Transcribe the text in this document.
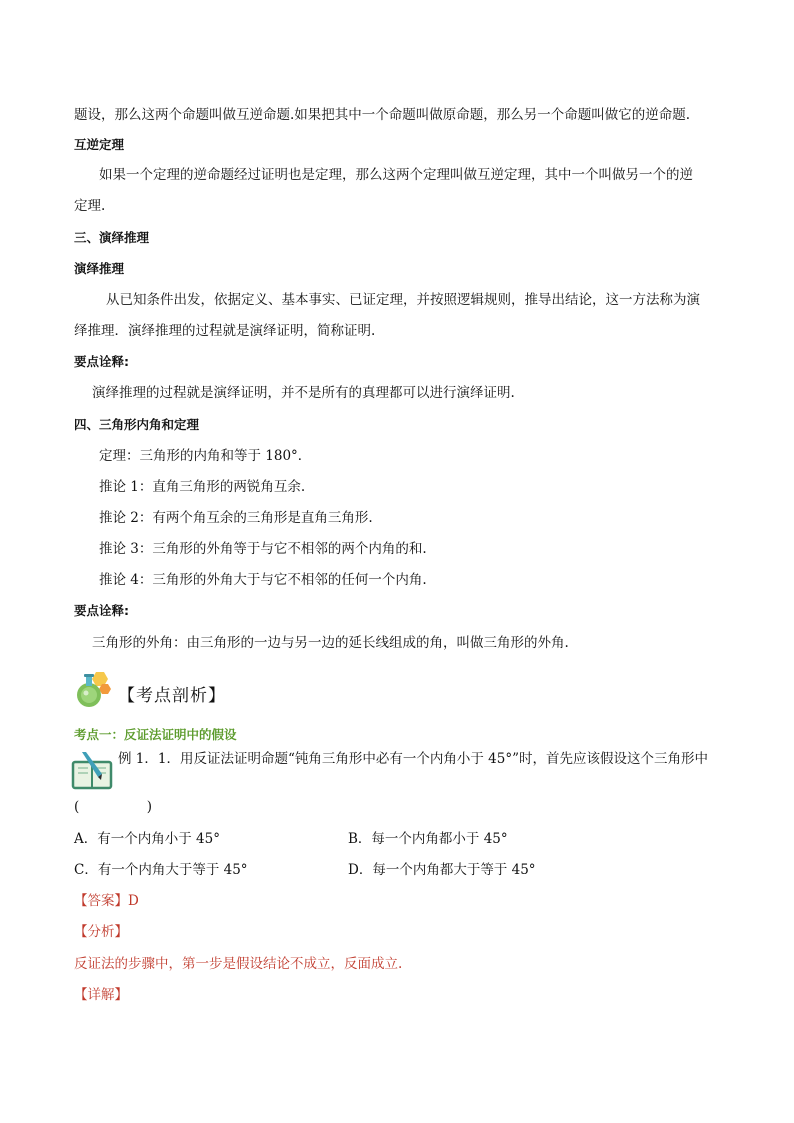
题设，那么这两个命题叫做互逆命题.如果把其中一个命题叫做原命题，那么另一个命题叫做它的逆命题.
互逆定理
如果一个定理的逆命题经过证明也是定理，那么这两个定理叫做互逆定理，其中一个叫做另一个的逆
定理.
三、演绎推理
演绎推理
从已知条件出发，依据定义、基本事实、已证定理，并按照逻辑规则，推导出结论，这一方法称为演
绎推理．演绎推理的过程就是演绎证明，简称证明.
要点诠释:
演绎推理的过程就是演绎证明，并不是所有的真理都可以进行演绎证明.
四、三角形内角和定理
定理：三角形的内角和等于 180°．
推论 1：直角三角形的两锐角互余.
推论 2：有两个角互余的三角形是直角三角形.
推论 3：三角形的外角等于与它不相邻的两个内角的和.
推论 4：三角形的外角大于与它不相邻的任何一个内角.
要点诠释:
三角形的外角：由三角形的一边与另一边的延长线组成的角，叫做三角形的外角.
【考点剖析】
考点一：反证法证明中的假设
例 1．1．用反证法证明命题“钝角三角形中必有一个内角小于 45°”时，首先应该假设这个三角形中
(　　　　　)
A．有一个内角小于 45°	B．每一个内角都小于 45°
C．有一个内角大于等于 45°	D．每一个内角都大于等于 45°
【答案】D
【分析】
反证法的步骤中，第一步是假设结论不成立，反面成立.
【详解】
